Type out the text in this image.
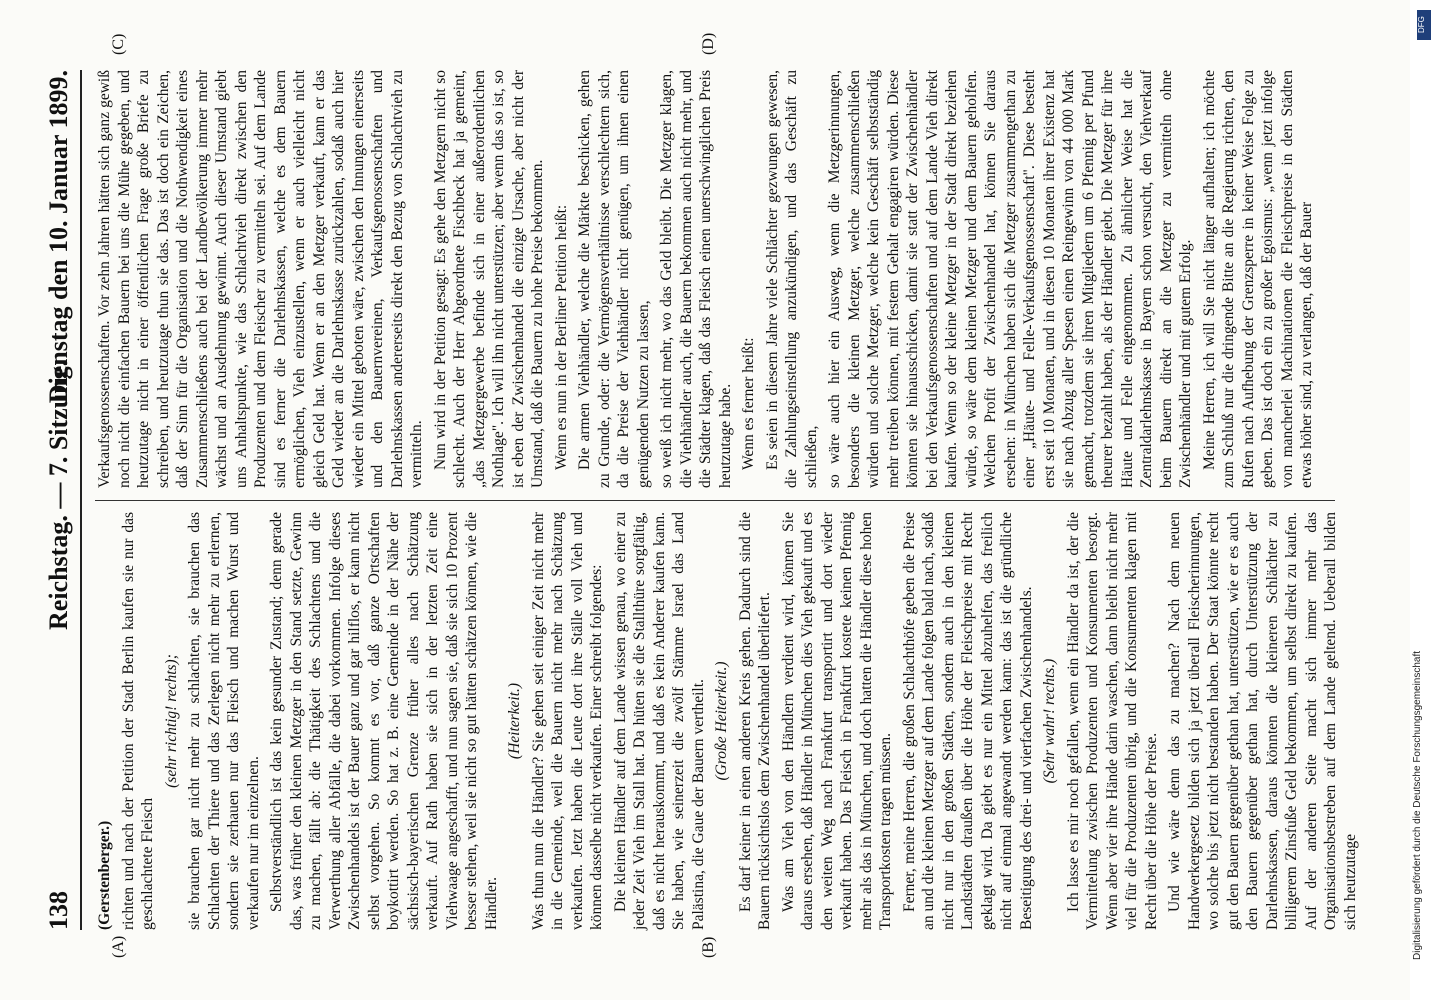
138
Reichstag. — 7. Sitzung.
Dienstag den 10. Januar 1899.
(A)	(B)
(C)	(D)

(Gerstenberger.) richten und nach der Petition der Stadt Berlin kaufen sie nur das geschlachtete Fleisch

(sehr richtig! rechts); sie brauchen gar nicht mehr zu schlachten, sie brauchen das Schlachten der Thiere und das Zerlegen nicht mehr zu erlernen, sondern sie zerhauen nur das Fleisch und machen Wurst und verkaufen nur im einzelnen. Selbstverständlich ist das kein gesunder Zustand; denn gerade das, was früher den kleinen Metzger in den Stand setzte, Gewinn zu machen, fällt ab: die Thätigkeit des Schlachtens und die Verwerthung aller Abfälle, die dabei vorkommen. Infolge dieses Zwischenhandels ist der Bauer ganz und gar hilflos, er kann nicht selbst vorgehen. So kommt es vor, daß ganze Ortschaften boykottirt werden. So hat z. B. eine Gemeinde in der Nähe der sächsisch-bayerischen Grenze früher alles nach Schätzung verkauft. Auf Rath haben sie sich in der letzten Zeit eine Viehwaage angeschafft, und nun sagen sie, daß sie sich 10 Prozent besser stehen, weil sie nicht so gut hätten schätzen können, wie die Händler.

(Heiterkeit.) Was thun nun die Händler? Sie gehen seit einiger Zeit nicht mehr in die Gemeinde, weil die Bauern nicht mehr nach Schätzung verkaufen. Jetzt haben die Leute dort ihre Ställe voll Vieh und können dasselbe nicht verkaufen. Einer schreibt folgendes: Die kleinen Händler auf dem Lande wissen genau, wo einer zu jeder Zeit Vieh im Stall hat. Da hüten sie die Stallthüre sorgfältig, daß es nicht herauskommt, und daß es kein Anderer kaufen kann. Sie haben, wie seinerzeit die zwölf Stämme Israel das Land Palästina, die Gaue der Bauern vertheilt. (Große Heiterkeit.) Es darf keiner in einen anderen Kreis gehen. Dadurch sind die Bauern rücksichtslos dem Zwischenhandel überliefert. Was am Vieh von den Händlern verdient wird, können Sie daraus ersehen, daß Händler in München dies Vieh gekauft und es den weiten Weg nach Frankfurt transportirt und dort wieder verkauft haben. Das Fleisch in Frankfurt kostete keinen Pfennig mehr als das in München, und doch hatten die Händler diese hohen Transportkosten tragen müssen. Ferner, meine Herren, die großen Schlachthöfe geben die Preise an und die kleinen Metzger auf dem Lande folgen bald nach, sodaß nicht nur in den großen Städten, sondern auch in den kleinen Landstädten draußen über die Höhe der Fleischpreise mit Recht geklagt wird. Da giebt es nur ein Mittel abzuhelfen, das freilich nicht auf einmal angewandt werden kann: das ist die gründliche Beseitigung des drei- und vierfachen Zwischenhandels. (Sehr wahr! rechts.) Ich lasse es mir noch gefallen, wenn ein Händler da ist, der die Vermittelung zwischen Produzenten und Konsumenten besorgt. Wenn aber vier ihre Hände darin waschen, dann bleibt nicht mehr viel für die Produzenten übrig, und die Konsumenten klagen mit Recht über die Höhe der Preise. Und wie wäre denn das zu machen? Nach dem neuen Handwerkergesetz bilden sich ja jetzt überall Fleischerinnungen, wo solche bis jetzt nicht bestanden haben. Der Staat könnte recht gut den Bauern gegenüber gethan hat, unterstützen, wie er es auch den Bauern gegenüber gethan hat, durch Unterstützung der Darlehnskassen, daraus könnten die kleineren Schlächter zu billigerem Zinsfuße Geld bekommen, um selbst direkt zu kaufen. Auf der anderen Seite macht sich immer mehr das Organisationsbestreben auf dem Lande geltend. Ueberall bilden sich heutzutage

Verkaufsgenossenschaften. Vor zehn Jahren hätten sich ganz gewiß noch nicht die einfachen Bauern bei uns die Mühe gegeben, und heutzutage nicht in einer öffentlichen Frage große Briefe zu schreiben, und heutzutage thun sie das. Das ist doch ein Zeichen, daß der Sinn für die Organisation und die Nothwendigkeit eines Zusammenschließens auch bei der Landbevölkerung immer mehr wächst und an Ausdehnung gewinnt. Auch dieser Umstand giebt uns Anhaltspunkte, wie das Schlachtvieh direkt zwischen den Produzenten und dem Fleischer zu vermitteln sei. Auf dem Lande sind es ferner die Darlehnskassen, welche es dem Bauern ermöglichen, Vieh einzustellen, wenn er auch vielleicht nicht gleich Geld hat. Wenn er an den Metzger verkauft, kann er das Geld wieder an die Darlehnskasse zurückzahlen, sodaß auch hier wieder ein Mittel geboten wäre, zwischen den Innungen einerseits und den Bauernvereinen, Verkaufsgenossenschaften und Darlehnskassen andererseits direkt den Bezug von Schlachtvieh zu vermitteln. Nun wird in der Petition gesagt: Es gehe den Metzgern nicht so schlecht. Auch der Herr Abgeordnete Fischbeck hat ja gemeint, „das Metzgergewerbe befinde sich in einer außerordentlichen Nothlage". Ich will ihn nicht unterstützen; aber wenn das so ist, so ist eben der Zwischenhandel die einzige Ursache, aber nicht der Umstand, daß die Bauern zu hohe Preise bekommen. Wenn es nun in der Berliner Petition heißt: Die armen Viehhändler, welche die Märkte beschicken, gehen zu Grunde, oder: die Vermögensverhältnisse verschlechtern sich, da die Preise der Viehhändler nicht genügen, um ihnen einen genügenden Nutzen zu lassen, so weiß ich nicht mehr, wo das Geld bleibt. Die Metzger klagen, die Viehhändler auch, die Bauern bekommen auch nicht mehr, und die Städter klagen, daß das Fleisch einen unerschwinglichen Preis heutzutage habe. Wenn es ferner heißt: Es seien in diesem Jahre viele Schlächter gezwungen gewesen, die Zahlungseinstellung anzukündigen, und das Geschäft zu schließen, so wäre auch hier ein Ausweg, wenn die Metzgerinnungen, besonders die kleinen Metzger, welche zusammenschließen würden und solche Metzger, welche kein Geschäft selbstständig mehr treiben können, mit festem Gehalt engagiren würden. Diese könnten sie hinausschicken, damit sie statt der Zwischenhändler bei den Verkaufsgenossenschaften und auf dem Lande Vieh direkt kaufen. Wenn so der kleine Metzger in der Stadt direkt beziehen würde, so wäre dem kleinen Metzger und dem Bauern geholfen. Welchen Profit der Zwischenhandel hat, können Sie daraus ersehen: in München haben sich die Metzger zusammengethan zu einer „Häute- und Felle-Verkaufsgenossenschaft". Diese besteht erst seit 10 Monaten, und in diesen 10 Monaten ihrer Existenz hat sie nach Abzug aller Spesen einen Reingewinn von 44 000 Mark gemacht, trotzdem sie ihren Mitgliedern um 6 Pfennig per Pfund theurer bezahlt haben, als der Händler giebt. Die Metzger für ihre Häute und Felle eingenommen. Zu ähnlicher Weise hat die Zentraldarlehnskasse in Bayern schon versucht, den Viehverkauf beim Bauern direkt an die Metzger zu vermitteln ohne Zwischenhändler und mit gutem Erfolg. Meine Herren, ich will Sie nicht länger aufhalten; ich möchte zum Schluß nur die dringende Bitte an die Regierung richten, den Rufen nach Aufhebung der Grenzsperre in keiner Weise Folge zu geben. Das ist doch ein zu großer Egoismus: „wenn jetzt infolge von mancherlei Machinationen die Fleischpreise in den Städten etwas höher sind, zu verlangen, daß der Bauer

DFG
Digitalisierung gefördert durch die Deutsche Forschungsgemeinschaft
